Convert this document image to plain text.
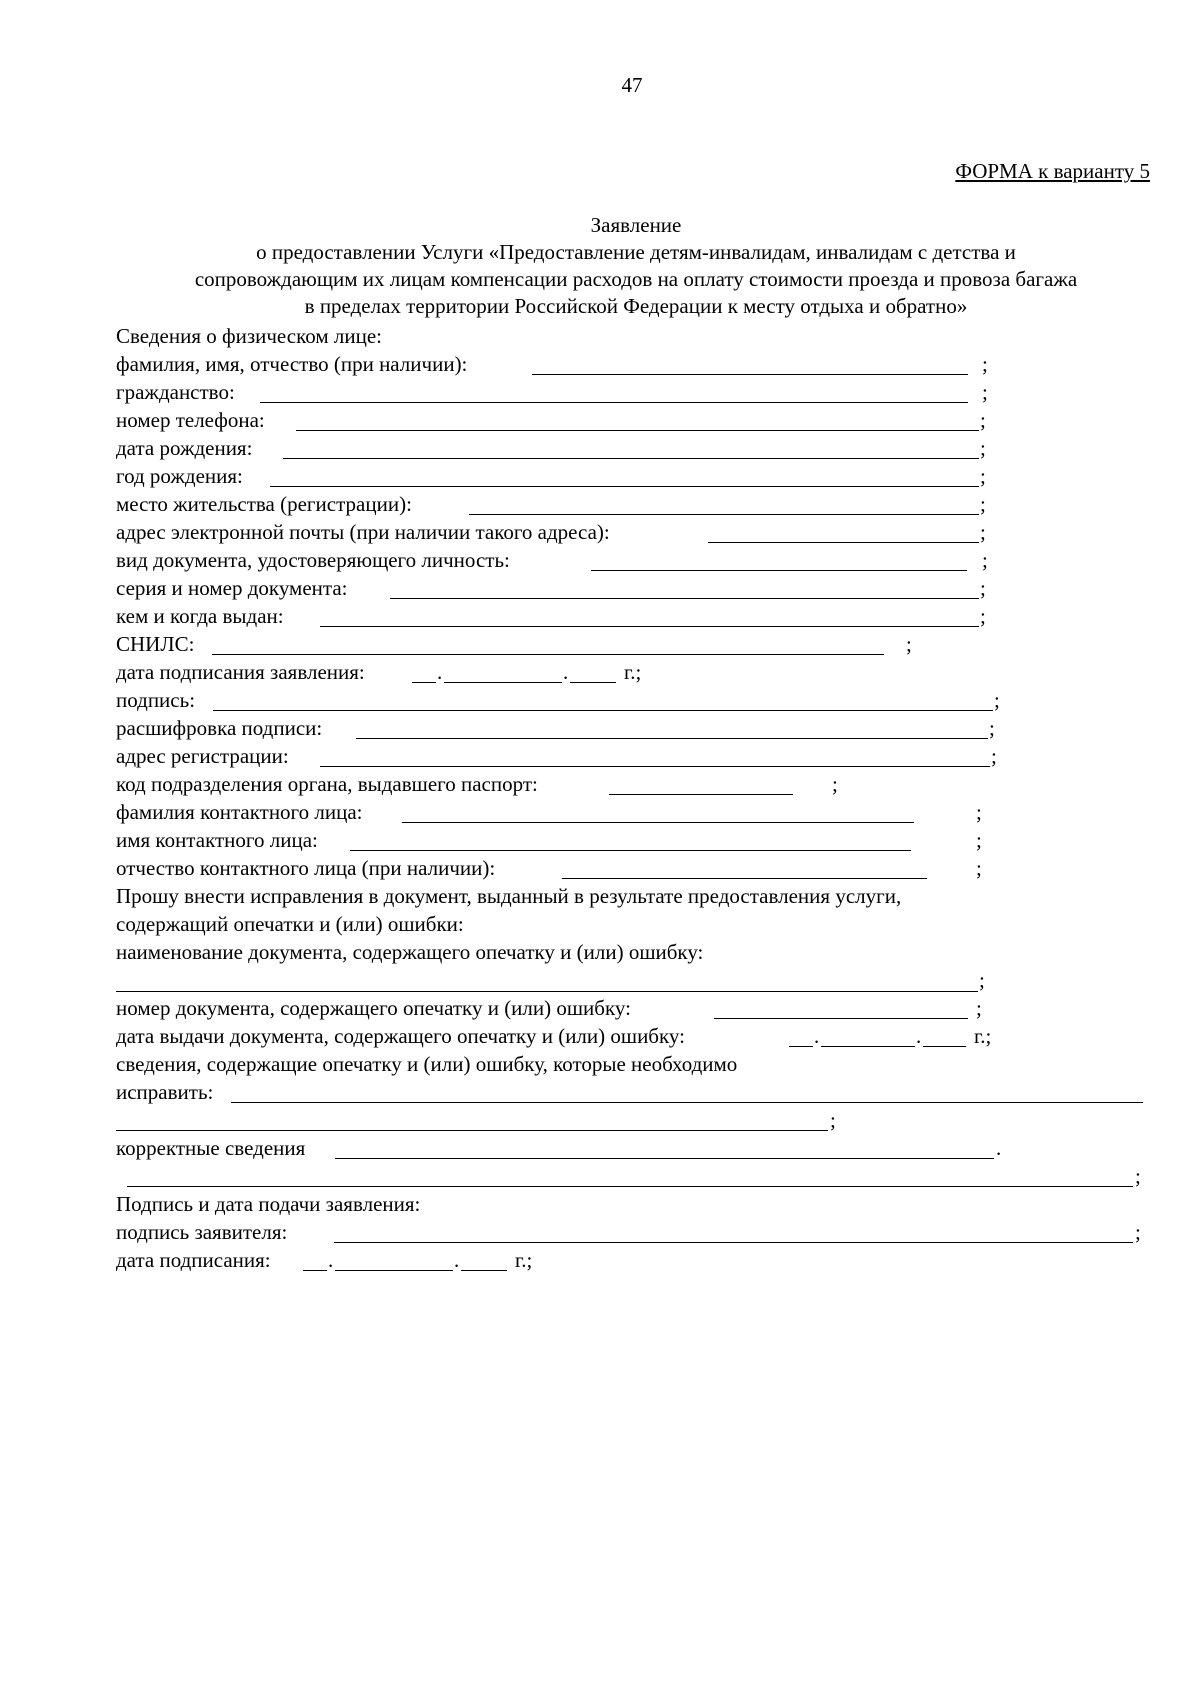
47
ФОРМА к варианту 5
Заявление
о предоставлении Услуги «Предоставление детям-инвалидам, инвалидам с детства и
сопровождающим их лицам компенсации расходов на оплату стоимости проезда и провоза багажа
в пределах территории Российской Федерации к месту отдыха и обратно»
Сведения о физическом лице:
фамилия, имя, отчество (при наличии):	;
гражданство:	;
номер телефона:	;
дата рождения:	;
год рождения:	;
место жительства (регистрации):	;
адрес электронной почты (при наличии такого адреса):	;
вид документа, удостоверяющего личность:	;
серия и номер документа:	;
кем и когда выдан:	;
СНИЛС:	;
дата подписания заявления:	.	.	г.;
подпись:	;
расшифровка подписи:	;
адрес регистрации:	;
код подразделения органа, выдавшего паспорт:	;
фамилия контактного лица:	;
имя контактного лица:	;
отчество контактного лица (при наличии):	;
Прошу внести исправления в документ, выданный в результате предоставления услуги,
содержащий опечатки и (или) ошибки:
наименование документа, содержащего опечатку и (или) ошибку:
;
номер документа, содержащего опечатку и (или) ошибку:	;
дата выдачи документа, содержащего опечатку и (или) ошибку:	.	.	г.;
сведения, содержащие опечатку и (или) ошибку, которые необходимо
исправить:
;
корректные сведения	.
;
Подпись и дата подачи заявления:
подпись заявителя:	;
дата подписания:	.	.	г.;
